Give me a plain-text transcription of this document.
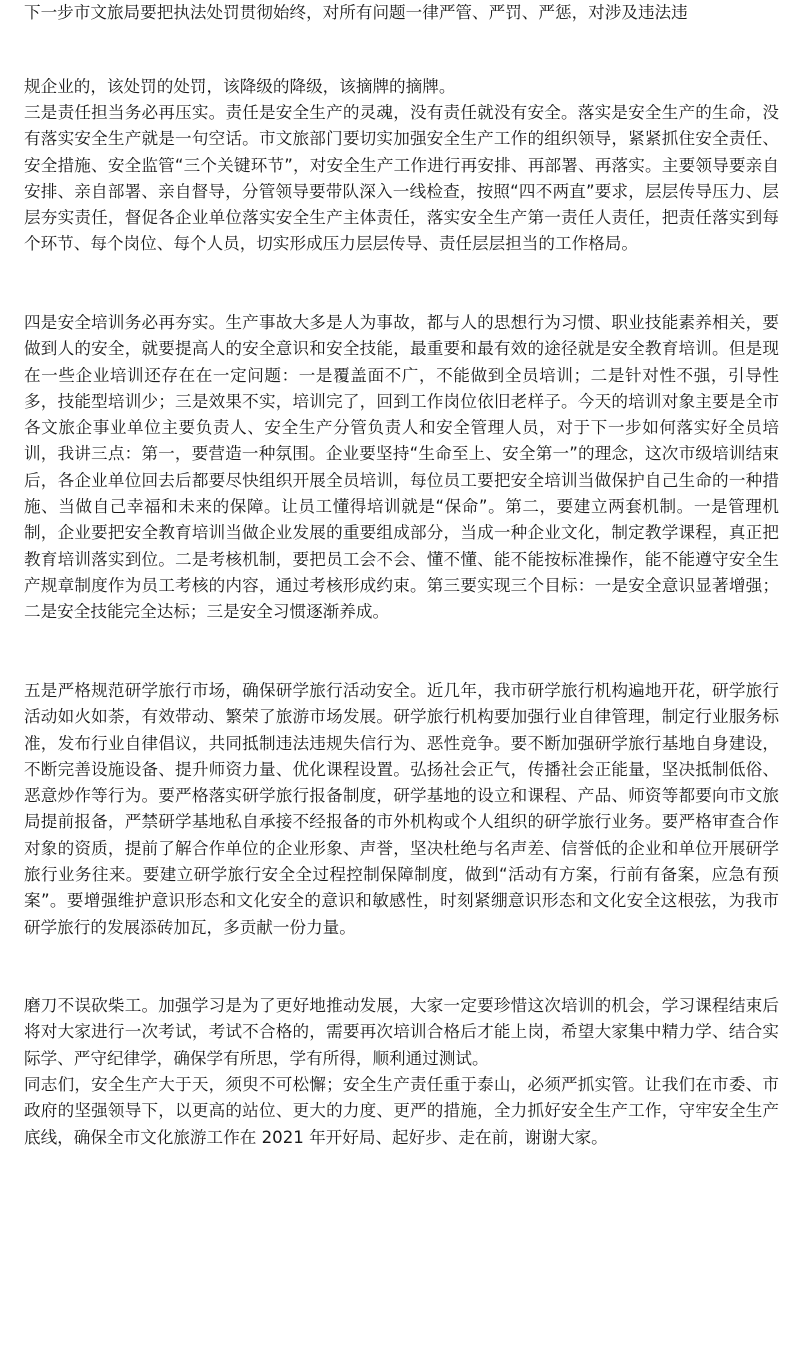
下一步市文旅局要把执法处罚贯彻始终，对所有问题一律严管、严罚、严惩，对涉及违法违

规企业的，该处罚的处罚，该降级的降级，该摘牌的摘牌。

三是责任担当务必再压实。责任是安全生产的灵魂，没有责任就没有安全。落实是安全生产的生命，没有落实安全生产就是一句空话。市文旅部门要切实加强安全生产工作的组织领导，紧紧抓住安全责任、安全措施、安全监管“三个关键环节”，对安全生产工作进行再安排、再部署、再落实。主要领导要亲自安排、亲自部署、亲自督导，分管领导要带队深入一线检查，按照“四不两直”要求，层层传导压力、层层夯实责任，督促各企业单位落实安全生产主体责任，落实安全生产第一责任人责任，把责任落实到每个环节、每个岗位、每个人员，切实形成压力层层传导、责任层层担当的工作格局。

四是安全培训务必再夯实。生产事故大多是人为事故，都与人的思想行为习惯、职业技能素养相关，要做到人的安全，就要提高人的安全意识和安全技能，最重要和最有效的途径就是安全教育培训。但是现在一些企业培训还存在在一定问题：一是覆盖面不广，不能做到全员培训；二是针对性不强，引导性多，技能型培训少；三是效果不实，培训完了，回到工作岗位依旧老样子。今天的培训对象主要是全市各文旅企事业单位主要负责人、安全生产分管负责人和安全管理人员，对于下一步如何落实好全员培训，我讲三点：第一，要营造一种氛围。企业要坚持“生命至上、安全第一”的理念，这次市级培训结束后，各企业单位回去后都要尽快组织开展全员培训，每位员工要把安全培训当做保护自己生命的一种措施、当做自己幸福和未来的保障。让员工懂得培训就是“保命”。第二，要建立两套机制。一是管理机制，企业要把安全教育培训当做企业发展的重要组成部分，当成一种企业文化，制定教学课程，真正把教育培训落实到位。二是考核机制，要把员工会不会、懂不懂、能不能按标准操作，能不能遵守安全生产规章制度作为员工考核的内容，通过考核形成约束。第三要实现三个目标：一是安全意识显著增强；二是安全技能完全达标；三是安全习惯逐渐养成。

五是严格规范研学旅行市场，确保研学旅行活动安全。近几年，我市研学旅行机构遍地开花，研学旅行活动如火如荼，有效带动、繁荣了旅游市场发展。研学旅行机构要加强行业自律管理，制定行业服务标准，发布行业自律倡议，共同抵制违法违规失信行为、恶性竞争。要不断加强研学旅行基地自身建设，不断完善设施设备、提升师资力量、优化课程设置。弘扬社会正气，传播社会正能量，坚决抵制低俗、恶意炒作等行为。要严格落实研学旅行报备制度，研学基地的设立和课程、产品、师资等都要向市文旅局提前报备，严禁研学基地私自承接不经报备的市外机构或个人组织的研学旅行业务。要严格审查合作对象的资质，提前了解合作单位的企业形象、声誉，坚决杜绝与名声差、信誉低的企业和单位开展研学旅行业务往来。要建立研学旅行安全全过程控制保障制度，做到“活动有方案，行前有备案，应急有预案”。要增强维护意识形态和文化安全的意识和敏感性，时刻紧绷意识形态和文化安全这根弦，为我市研学旅行的发展添砖加瓦，多贡献一份力量。

磨刀不误砍柴工。加强学习是为了更好地推动发展，大家一定要珍惜这次培训的机会，学习课程结束后将对大家进行一次考试，考试不合格的，需要再次培训合格后才能上岗，希望大家集中精力学、结合实际学、严守纪律学，确保学有所思，学有所得，顺利通过测试。

同志们，安全生产大于天，须臾不可松懈；安全生产责任重于泰山，必须严抓实管。让我们在市委、市政府的坚强领导下，以更高的站位、更大的力度、更严的措施，全力抓好安全生产工作，守牢安全生产底线，确保全市文化旅游工作在 2021 年开好局、起好步、走在前，谢谢大家。
